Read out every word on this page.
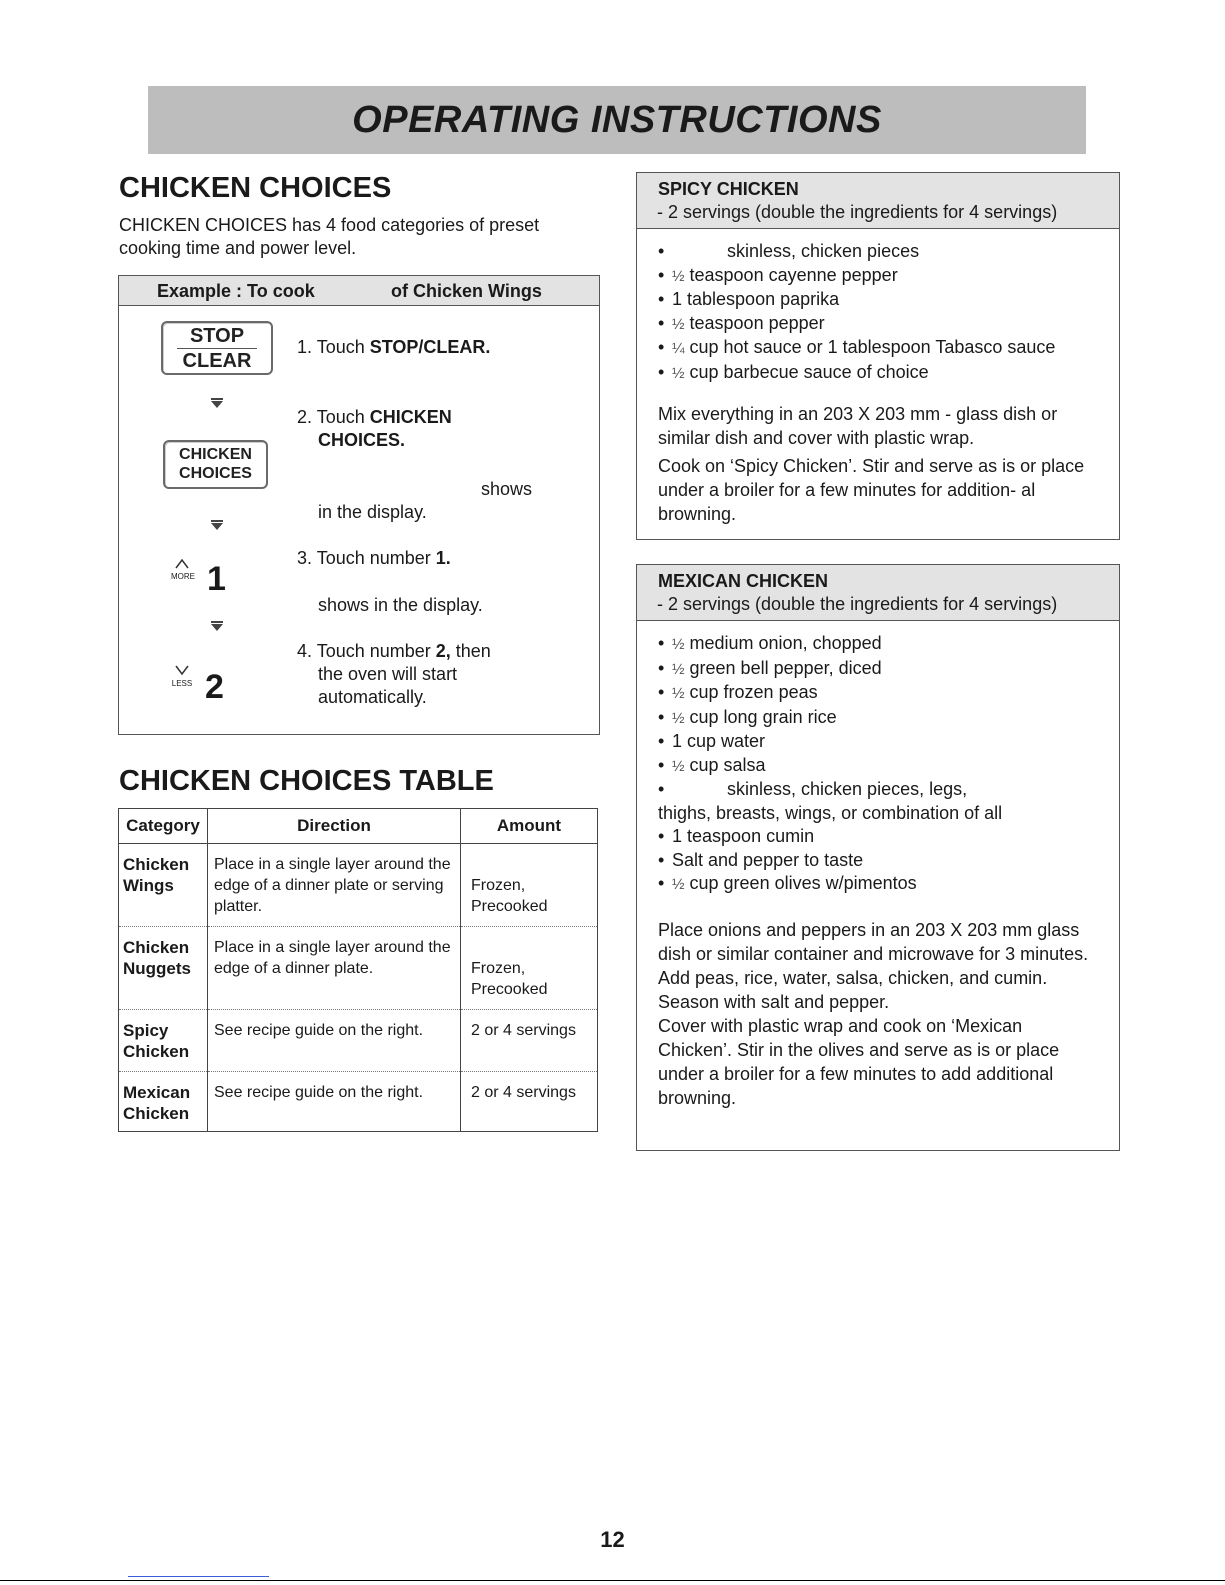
OPERATING INSTRUCTIONS
CHICKEN CHOICES

CHICKEN CHOICES has 4 food categories of preset cooking time and power level.

Example : To cook	of Chicken Wings
STOP
CLEAR
CHICKEN
CHOICES
MORE 1
LESS 2
1. Touch STOP/CLEAR.
2. Touch CHICKEN
CHOICES.
shows
in the display.
3. Touch number 1.
shows in the display.
4. Touch number 2, then
the oven will start
automatically.
CHICKEN CHOICES TABLE
Category	Direction	Amount
Chicken
Wings	Place in a single layer around the edge of a dinner plate or serving platter.	Frozen,
Precooked
Chicken
Nuggets	Place in a single layer around the edge of a dinner plate.	Frozen,
Precooked
Spicy
Chicken	See recipe guide on the right.	2 or 4 servings
Mexican
Chicken	See recipe guide on the right.	2 or 4 servings
SPICY CHICKEN
- 2 servings (double the ingredients for 4 servings)
• skinless, chicken pieces
• ½ teaspoon cayenne pepper
• 1 tablespoon paprika
• ½ teaspoon pepper
• ¼ cup hot sauce or 1 tablespoon Tabasco sauce
• ½ cup barbecue sauce of choice

Mix everything in an 203 X 203 mm - glass dish or similar dish and cover with plastic wrap.

Cook on ‘Spicy Chicken’. Stir and serve as is or place under a broiler for a few minutes for addition- al browning.

MEXICAN CHICKEN
- 2 servings (double the ingredients for 4 servings)
• ½ medium onion, chopped
• ½ green bell pepper, diced
• ½ cup frozen peas
• ½ cup long grain rice
• 1 cup water
• ½ cup salsa
• skinless, chicken pieces, legs,
thighs, breasts, wings, or combination of all
• 1 teaspoon cumin
• Salt and pepper to taste
• ½ cup green olives w/pimentos

Place onions and peppers in an 203 X 203 mm glass dish or similar container and microwave for 3 minutes.

Add peas, rice, water, salsa, chicken, and cumin. Season with salt and pepper.

Cover with plastic wrap and cook on ‘Mexican Chicken’. Stir in the olives and serve as is or place under a broiler for a few minutes to add additional browning.

12
